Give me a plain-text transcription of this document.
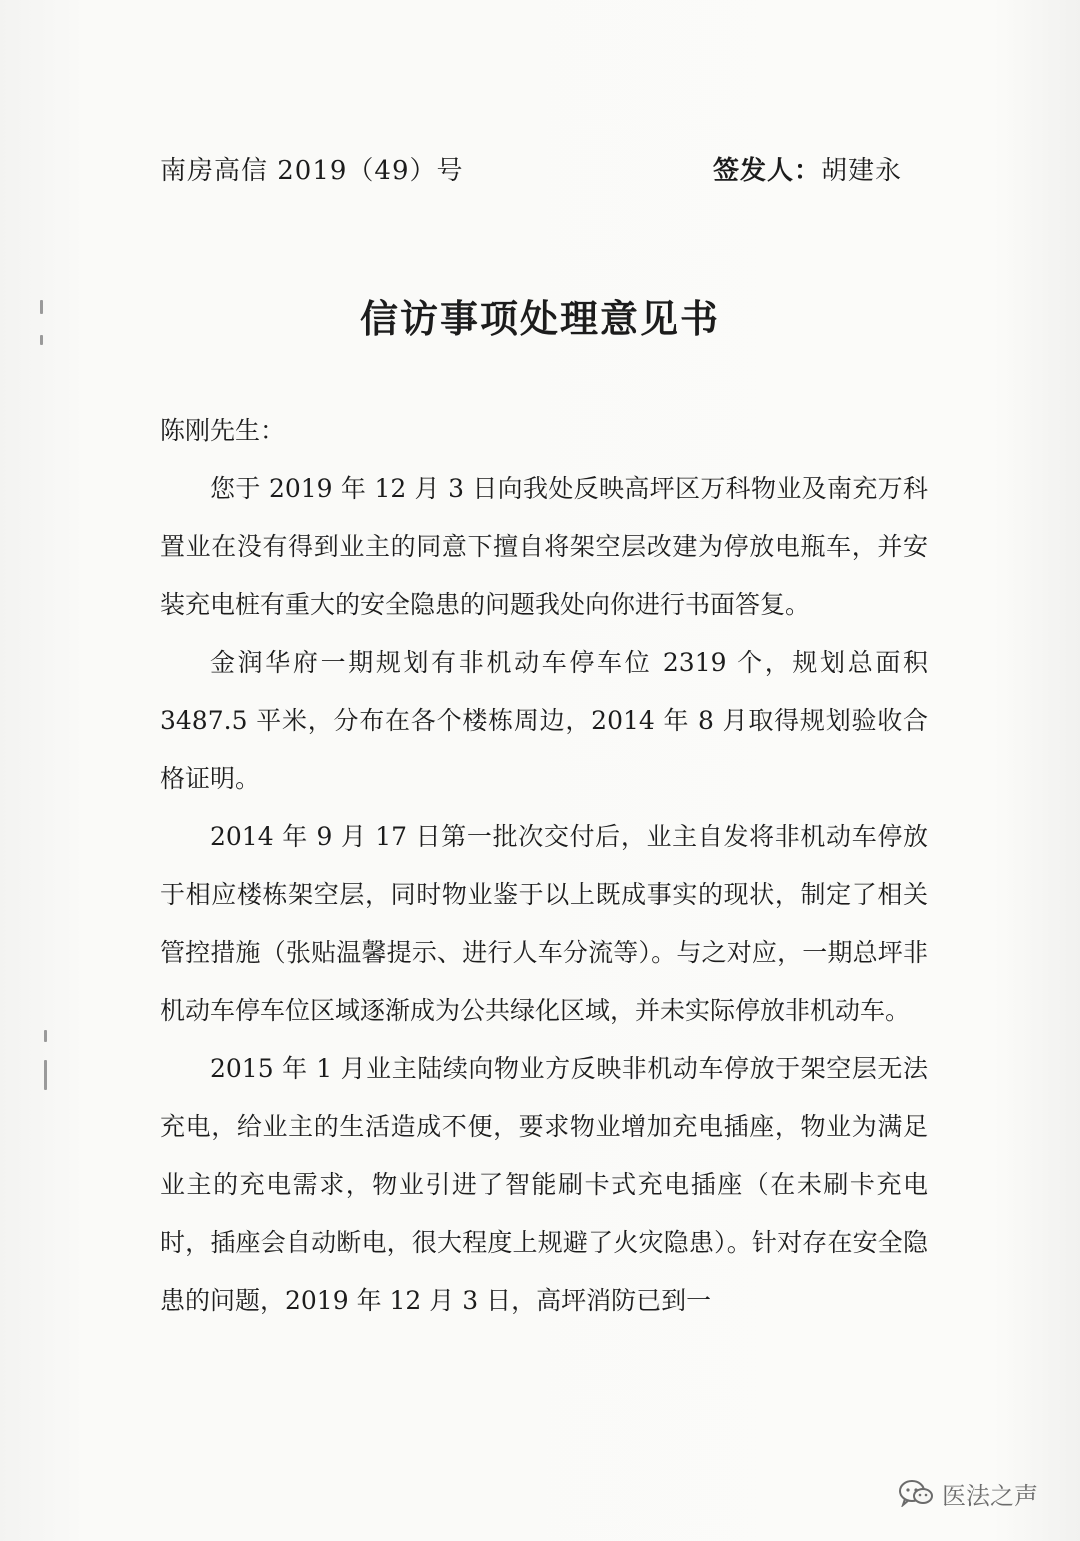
南房高信 2019（49）号	签发人：胡建永
信访事项处理意见书

陈刚先生：

您于 2019 年 12 月 3 日向我处反映高坪区万科物业及南充万科置业在没有得到业主的同意下擅自将架空层改建为停放电瓶车，并安装充电桩有重大的安全隐患的问题我处向你进行书面答复。

金润华府一期规划有非机动车停车位 2319 个，规划总面积 3487.5 平米，分布在各个楼栋周边，2014 年 8 月取得规划验收合格证明。

2014 年 9 月 17 日第一批次交付后，业主自发将非机动车停放于相应楼栋架空层，同时物业鉴于以上既成事实的现状，制定了相关管控措施（张贴温馨提示、进行人车分流等）。与之对应，一期总坪非机动车停车位区域逐渐成为公共绿化区域，并未实际停放非机动车。

2015 年 1 月业主陆续向物业方反映非机动车停放于架空层无法充电，给业主的生活造成不便，要求物业增加充电插座，物业为满足业主的充电需求，物业引进了智能刷卡式充电插座（在未刷卡充电时，插座会自动断电，很大程度上规避了火灾隐患）。针对存在安全隐患的问题，2019 年 12 月 3 日，高坪消防已到一

医法之声
